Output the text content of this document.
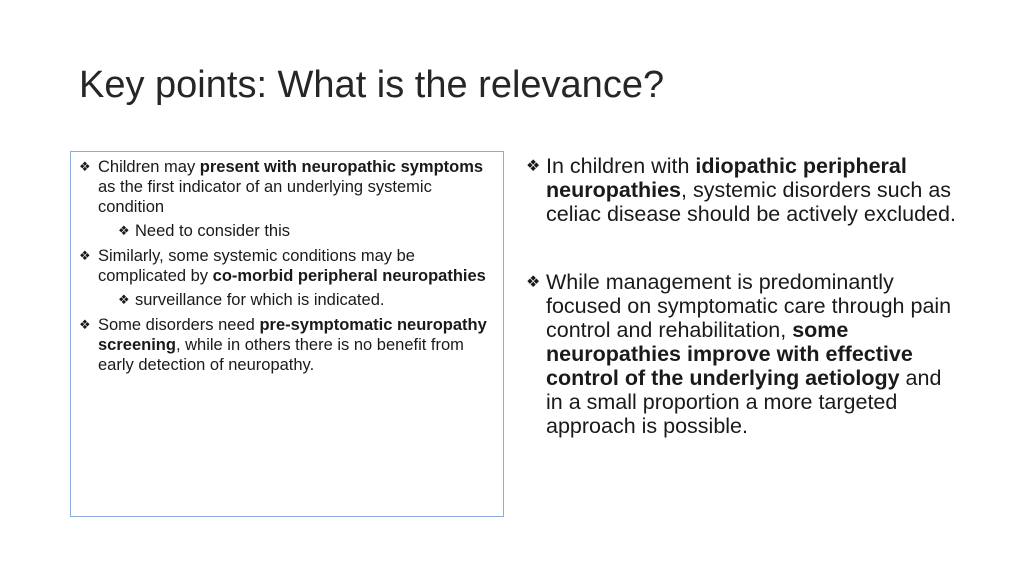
Key points: What is the relevance?

❖ Children may present with neuropathic symptoms as the first indicator of an underlying systemic condition

❖ Need to consider this

❖ Similarly, some systemic conditions may be complicated by co-morbid peripheral neuropathies

❖ surveillance for which is indicated.

❖ Some disorders need pre-symptomatic neuropathy screening, while in others there is no benefit from early detection of neuropathy.

❖ In children with idiopathic peripheral neuropathies, systemic disorders such as celiac disease should be actively excluded.

❖ While management is predominantly focused on symptomatic care through pain control and rehabilitation, some neuropathies improve with effective control of the underlying aetiology and in a small proportion a more targeted approach is possible.
